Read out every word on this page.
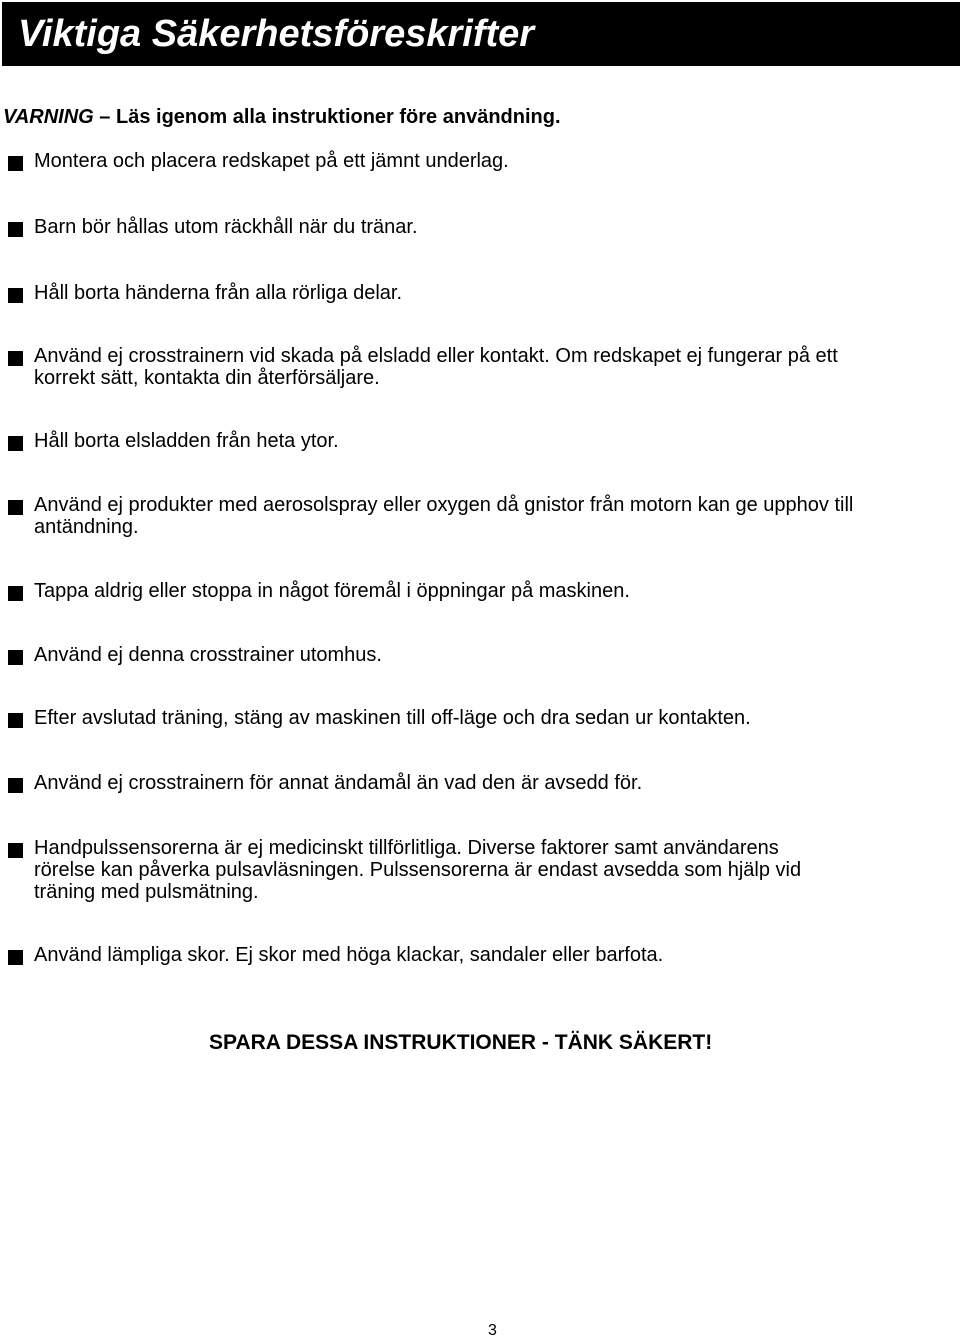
Viktiga Säkerhetsföreskrifter
VARNING – Läs igenom alla instruktioner före användning.
Montera och placera redskapet på ett jämnt underlag.
Barn bör hållas utom räckhåll när du tränar.
Håll borta händerna från alla rörliga delar.
Använd ej crosstrainern vid skada på elsladd eller kontakt. Om redskapet ej fungerar på ett
korrekt sätt, kontakta din återförsäljare.
Håll borta elsladden från heta ytor.
Använd ej produkter med aerosolspray eller oxygen då gnistor från motorn kan ge upphov till
antändning.
Tappa aldrig eller stoppa in något föremål i öppningar på maskinen.
Använd ej denna crosstrainer utomhus.
Efter avslutad träning, stäng av maskinen till off-läge och dra sedan ur kontakten.
Använd ej crosstrainern för annat ändamål än vad den är avsedd för.
Handpulssensorerna är ej medicinskt tillförlitliga. Diverse faktorer samt användarens
rörelse kan påverka pulsavläsningen. Pulssensorerna är endast avsedda som hjälp vid
träning med pulsmätning.
Använd lämpliga skor. Ej skor med höga klackar, sandaler eller barfota.
SPARA DESSA INSTRUKTIONER - TÄNK SÄKERT!
3
